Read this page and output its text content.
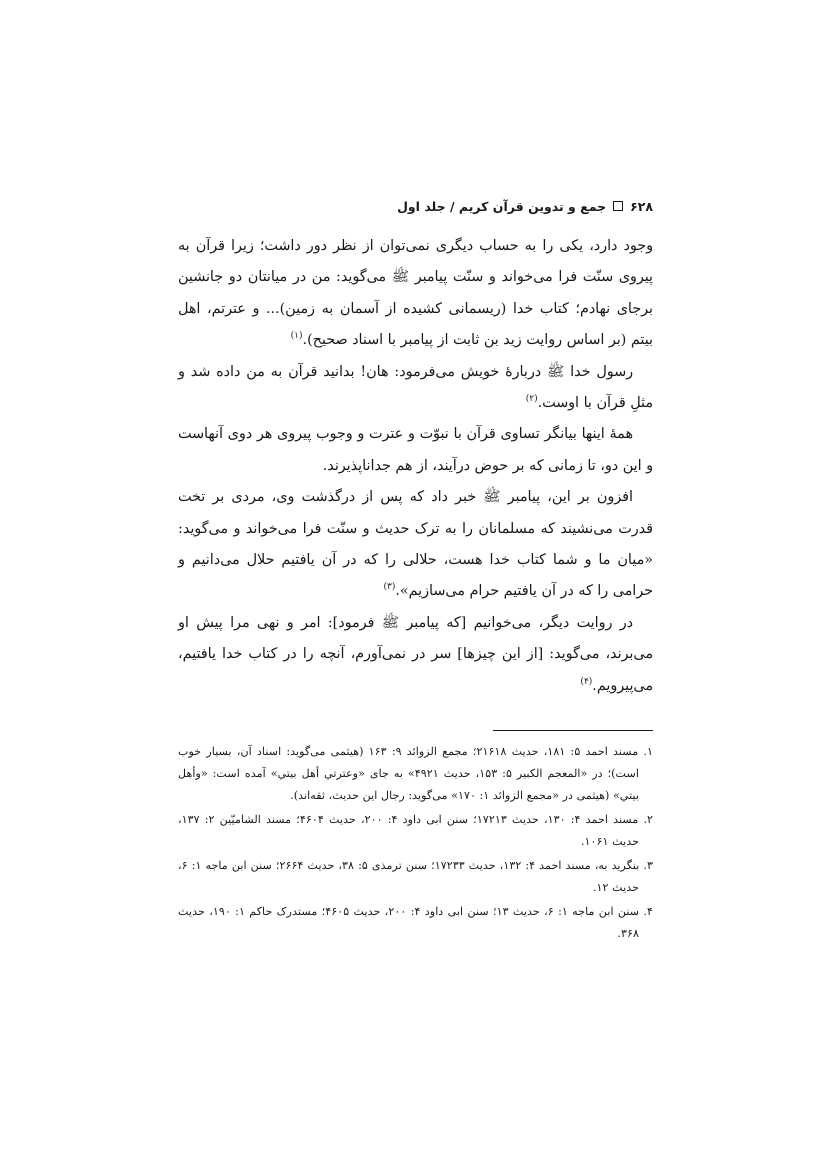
۶۲۸
جمع و تدوین قرآن کریم / جلد اول

وجود دارد، یکی را به حساب دیگری نمی‌توان از نظر دور داشت؛ زیرا قرآن به پیروی سنّت فرا می‌خواند و سنّت پیامبر ﷺ می‌گوید: من در میانتان دو جانشین برجای نهادم؛ کتاب خدا (ریسمانی کشیده از آسمان به زمین)... و عترتم، اهل بیتم (بر اساس روایت زید بن ثابت از پیامبر با اسناد صحیح).$^{(۱)}$

رسول خدا ﷺ دربارهٔ خویش می‌فرمود: هان! بدانید قرآن به من داده شد و مثلِ قرآن با اوست.$^{(۲)}$

همهٔ اینها بیانگر تساوی قرآن با نبوّت و عترت و وجوب پیروی هر دوی آنهاست و این دو، تا زمانی که بر حوض درآیند، از هم جداناپذیرند.

افزون بر این، پیامبر ﷺ خبر داد که پس از درگذشت وی، مردی بر تخت قدرت می‌نشیند که مسلمانان را به ترک حدیث و سنّت فرا می‌خواند و می‌گوید: «میان ما و شما کتاب خدا هست، حلالی را که در آن یافتیم حلال می‌دانیم و حرامی را که در آن یافتیم حرام می‌سازیم».$^{(۳)}$

در روایت دیگر، می‌خوانیم [که پیامبر ﷺ فرمود]: امر و نهی مرا پیش او می‌برند، می‌گوید: [از این چیزها] سر در نمی‌آورم، آنچه را در کتاب خدا یافتیم، می‌پیرویم.$^{(۴)}$

۱. مسند احمد ۵: ۱۸۱، حدیث ۲۱۶۱۸؛ مجمع الزوائد ۹: ۱۶۳ (هیثمی می‌گوید: اسناد آن، بسیار خوب است)؛ در «المعجم الکبیر ۵: ۱۵۳، حدیث ۴۹۲۱» به جای «وعترتي أهل بيتي» آمده است: «وأهل بيتي» (هیثمی در «مجمع الزوائد ۱: ۱۷۰» می‌گوید: رجال این حدیث، ثقه‌اند).

۲. مسند احمد ۴: ۱۳۰، حدیث ۱۷۲۱۳؛ سنن ابی داود ۴: ۲۰۰، حدیث ۴۶۰۴؛ مسند الشامیّین ۲: ۱۳۷، حدیث ۱۰۶۱.

۳. بنگرید به، مسند احمد ۴: ۱۳۲، حدیث ۱۷۲۳۳؛ سنن ترمذی ۵: ۳۸، حدیث ۲۶۶۴؛ سنن ابن ماجه ۱: ۶، حدیث ۱۲.

۴. سنن ابن ماجه ۱: ۶، حدیث ۱۳؛ سنن ابی داود ۴: ۲۰۰، حدیث ۴۶۰۵؛ مستدرک حاکم ۱: ۱۹۰، حدیث ۳۶۸.
